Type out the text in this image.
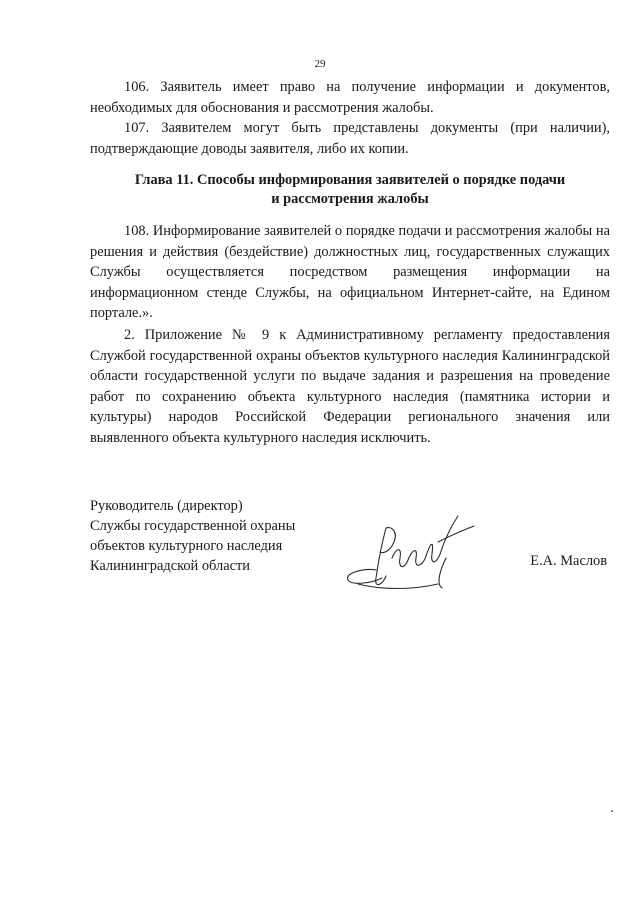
29

106. Заявитель имеет право на получение информации и документов, необходимых для обоснования и рассмотрения жалобы.

107. Заявителем могут быть представлены документы (при наличии), подтверждающие доводы заявителя, либо их копии.

Глава 11. Способы информирования заявителей о порядке подачи
и рассмотрения жалобы

108. Информирование заявителей о порядке подачи и рассмотрения жалобы на решения и действия (бездействие) должностных лиц, государственных служащих Службы осуществляется посредством размещения информации на информационном стенде Службы, на официальном Интернет-сайте, на Едином портале.».

2. Приложение № 9 к Административному регламенту предоставления Службой государственной охраны объектов культурного наследия Калининградской области государственной услуги по выдаче задания и разрешения на проведение работ по сохранению объекта культурного наследия (памятника истории и культуры) народов Российской Федерации регионального значения или выявленного объекта культурного наследия исключить.

Руководитель (директор)
Службы государственной охраны
объектов культурного наследия
Калининградской области	Е.А. Маслов
